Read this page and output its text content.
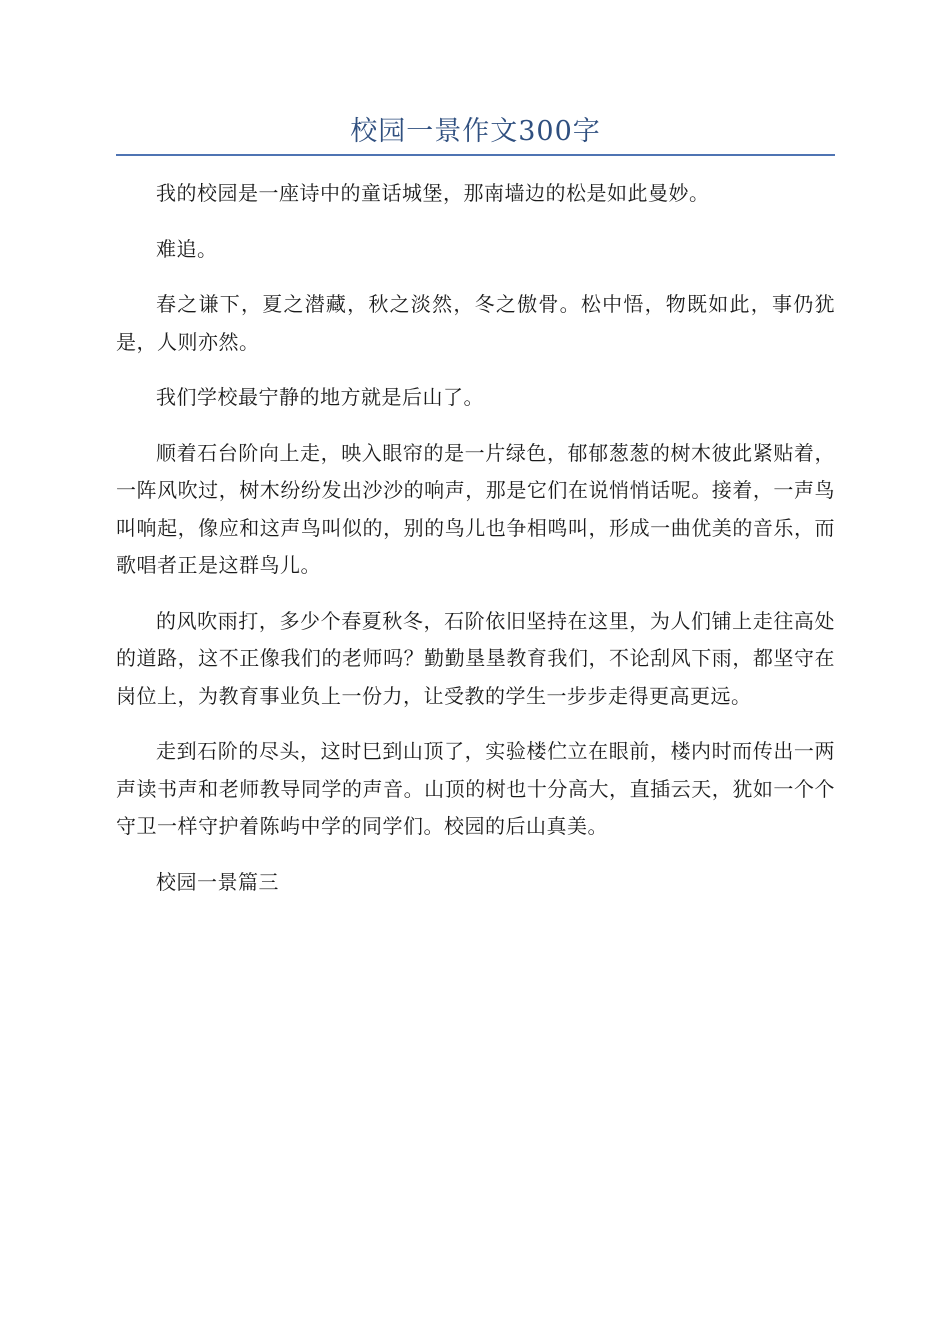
校园一景作文300字

我的校园是一座诗中的童话城堡，那南墙边的松是如此曼妙。

难追。

春之谦下，夏之潜藏，秋之淡然，冬之傲骨。松中悟，物既如此，事仍犹是，人则亦然。

我们学校最宁静的地方就是后山了。

顺着石台阶向上走，映入眼帘的是一片绿色，郁郁葱葱的树木彼此紧贴着，一阵风吹过，树木纷纷发出沙沙的响声，那是它们在说悄悄话呢。接着，一声鸟叫响起，像应和这声鸟叫似的，别的鸟儿也争相鸣叫，形成一曲优美的音乐，而歌唱者正是这群鸟儿。

的风吹雨打，多少个春夏秋冬，石阶依旧坚持在这里，为人们铺上走往高处的道路，这不正像我们的老师吗？勤勤垦垦教育我们，不论刮风下雨，都坚守在岗位上，为教育事业负上一份力，让受教的学生一步步走得更高更远。

走到石阶的尽头，这时巳到山顶了，实验楼伫立在眼前，楼内时而传出一两声读书声和老师教导同学的声音。山顶的树也十分高大，直插云天，犹如一个个守卫一样守护着陈屿中学的同学们。校园的后山真美。

校园一景篇三
